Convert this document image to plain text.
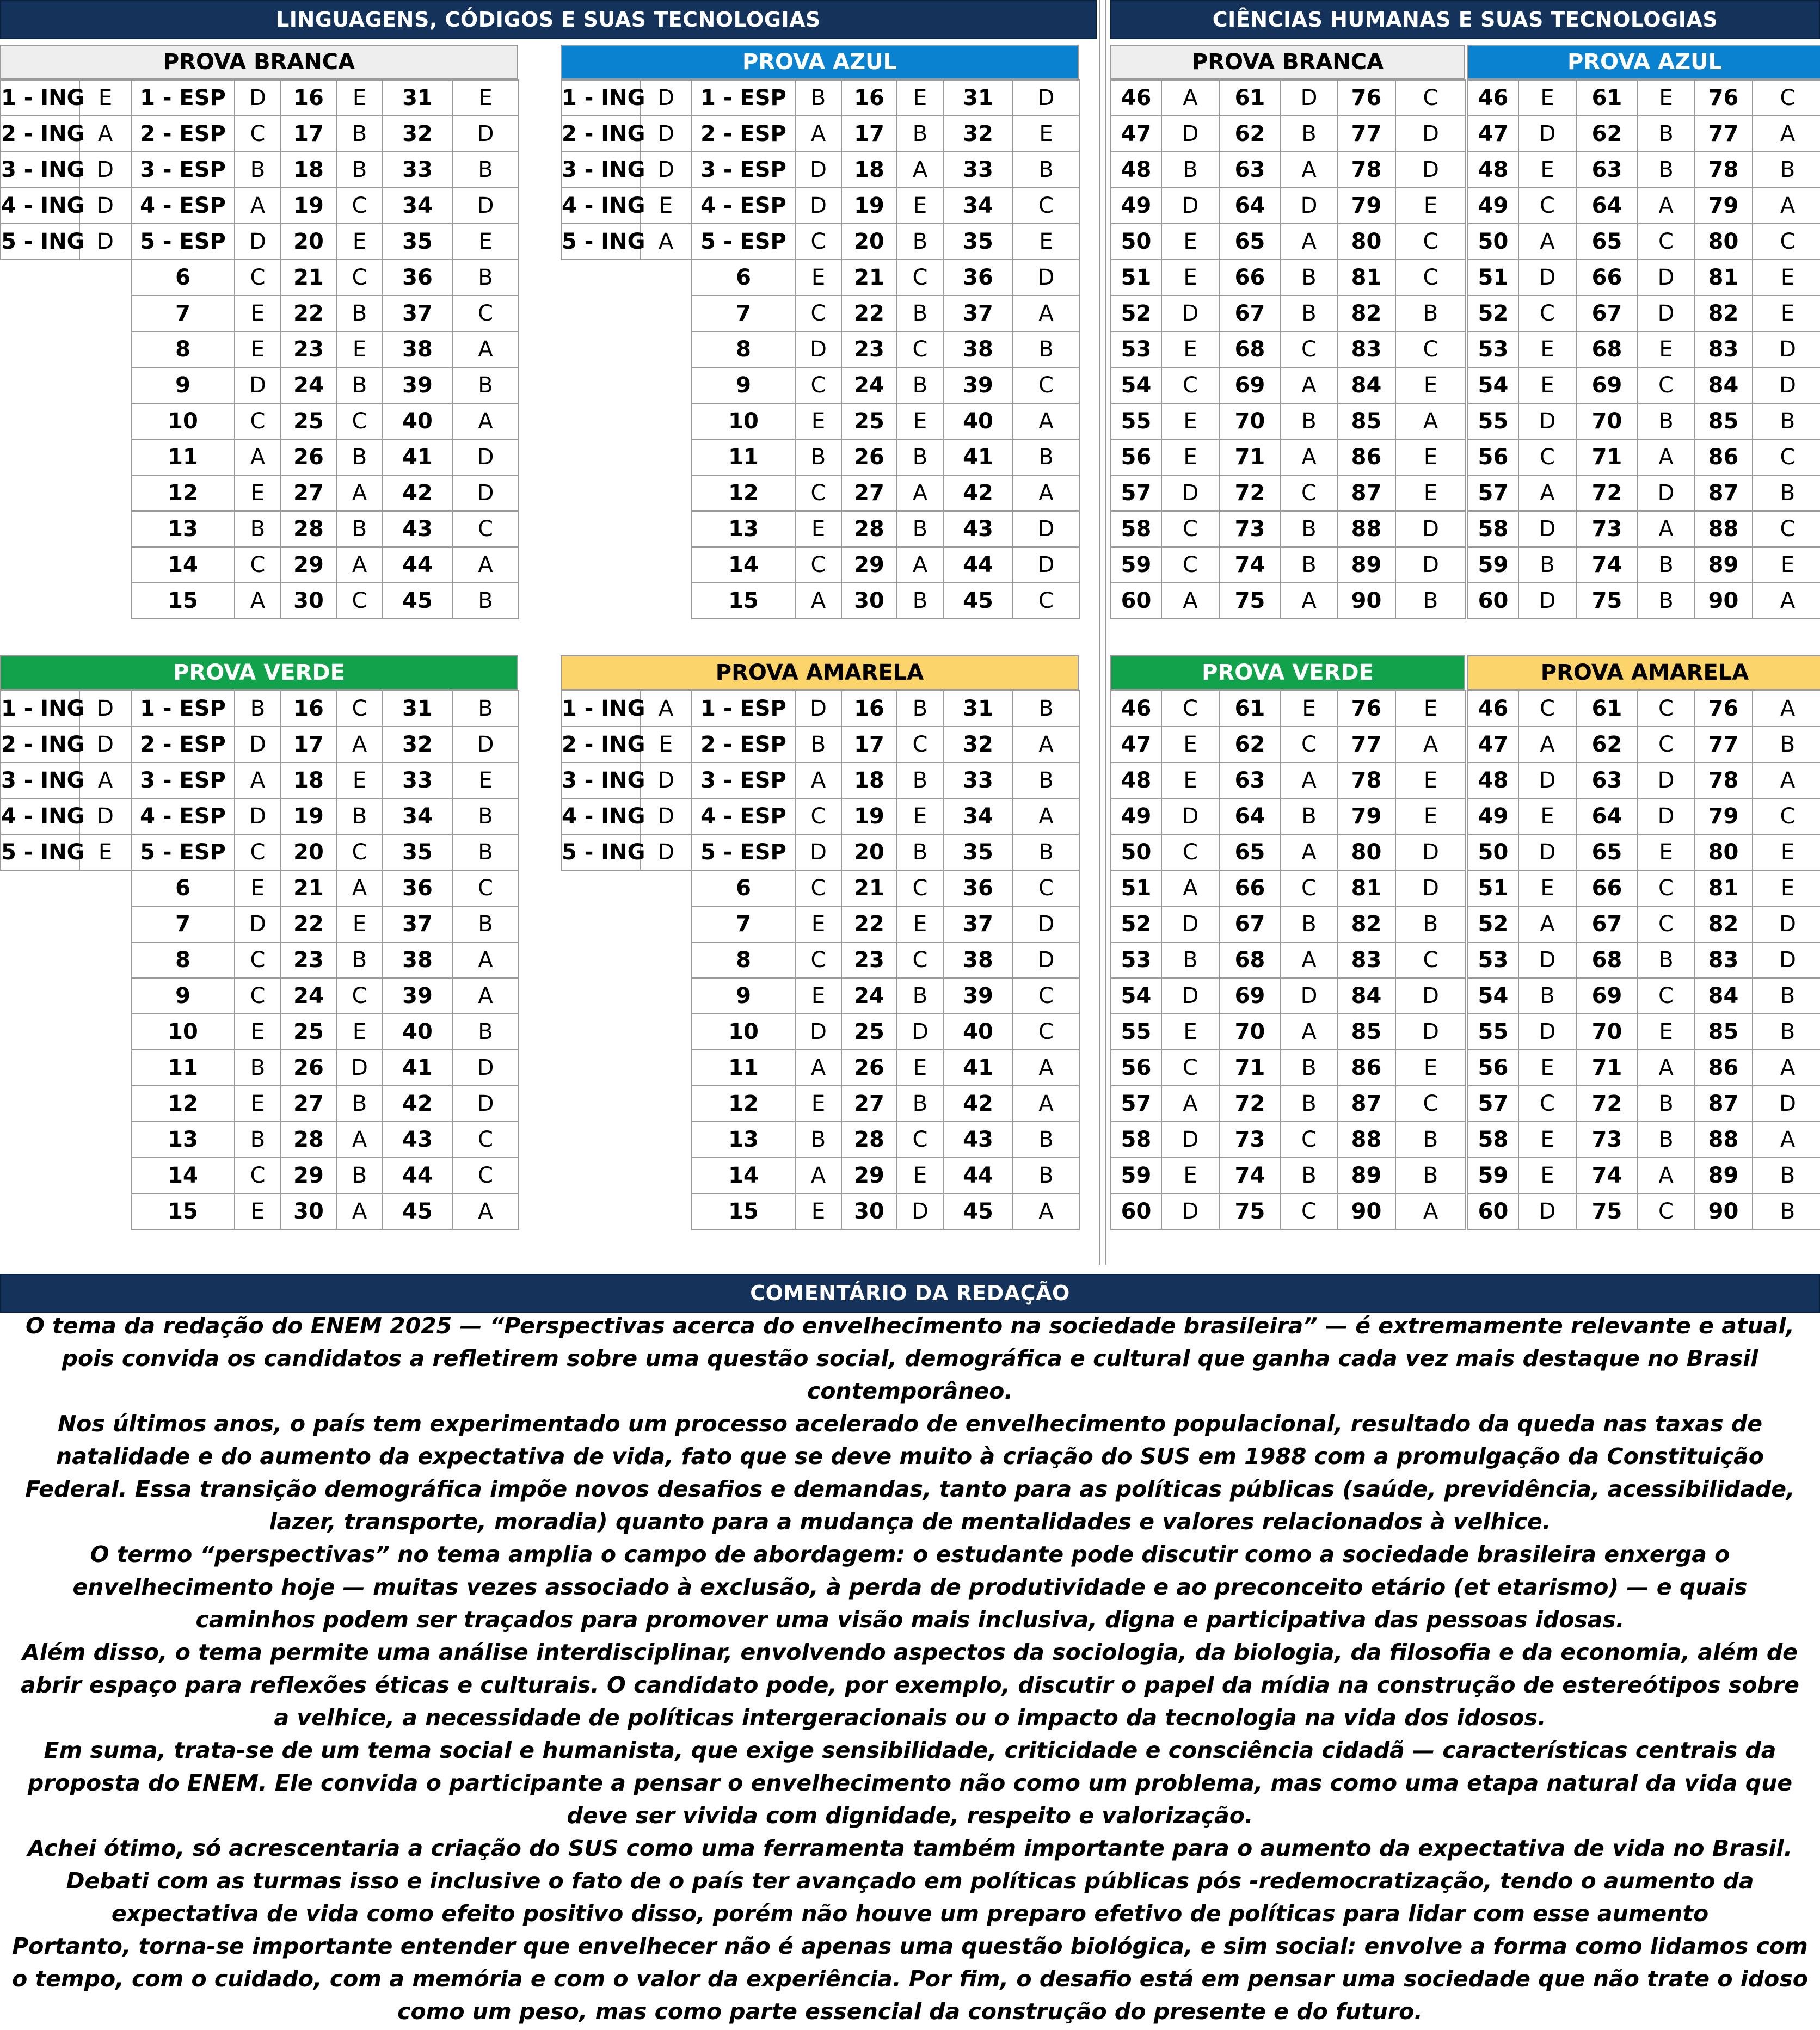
LINGUAGENS, CÓDIGOS E SUAS TECNOLOGIAS	CIÊNCIAS HUMANAS E SUAS TECNOLOGIAS
PROVA BRANCA
1 - ING	E	1 - ESP	D	16	E	31	E
2 - ING	A	2 - ESP	C	17	B	32	D
3 - ING	D	3 - ESP	B	18	B	33	B
4 - ING	D	4 - ESP	A	19	C	34	D
5 - ING	D	5 - ESP	D	20	E	35	E
		6	C	21	C	36	B
		7	E	22	B	37	C
		8	E	23	E	38	A
		9	D	24	B	39	B
		10	C	25	C	40	A
		11	A	26	B	41	D
		12	E	27	A	42	D
		13	B	28	B	43	C
		14	C	29	A	44	A
		15	A	30	C	45	B
PROVA AZUL
1 - ING	D	1 - ESP	B	16	E	31	D
2 - ING	D	2 - ESP	A	17	B	32	E
3 - ING	D	3 - ESP	D	18	A	33	B
4 - ING	E	4 - ESP	D	19	E	34	C
5 - ING	A	5 - ESP	C	20	B	35	E
		6	E	21	C	36	D
		7	C	22	B	37	A
		8	D	23	C	38	B
		9	C	24	B	39	C
		10	E	25	E	40	A
		11	B	26	B	41	B
		12	C	27	A	42	A
		13	E	28	B	43	D
		14	C	29	A	44	D
		15	A	30	B	45	C
PROVA VERDE
1 - ING	D	1 - ESP	B	16	C	31	B
2 - ING	D	2 - ESP	D	17	A	32	D
3 - ING	A	3 - ESP	A	18	E	33	E
4 - ING	D	4 - ESP	D	19	B	34	B
5 - ING	E	5 - ESP	C	20	C	35	B
		6	E	21	A	36	C
		7	D	22	E	37	B
		8	C	23	B	38	A
		9	C	24	C	39	A
		10	E	25	E	40	B
		11	B	26	D	41	D
		12	E	27	B	42	D
		13	B	28	A	43	C
		14	C	29	B	44	C
		15	E	30	A	45	A
PROVA AMARELA
1 - ING	A	1 - ESP	D	16	B	31	B
2 - ING	E	2 - ESP	B	17	C	32	A
3 - ING	D	3 - ESP	A	18	B	33	B
4 - ING	D	4 - ESP	C	19	E	34	A
5 - ING	D	5 - ESP	D	20	B	35	B
		6	C	21	C	36	C
		7	E	22	E	37	D
		8	C	23	C	38	D
		9	E	24	B	39	C
		10	D	25	D	40	C
		11	A	26	E	41	A
		12	E	27	B	42	A
		13	B	28	C	43	B
		14	A	29	E	44	B
		15	E	30	D	45	A
PROVA BRANCA
46	A	61	D	76	C
47	D	62	B	77	D
48	B	63	A	78	D
49	D	64	D	79	E
50	E	65	A	80	C
51	E	66	B	81	C
52	D	67	B	82	B
53	E	68	C	83	C
54	C	69	A	84	E
55	E	70	B	85	A
56	E	71	A	86	E
57	D	72	C	87	E
58	C	73	B	88	D
59	C	74	B	89	D
60	A	75	A	90	B
PROVA AZUL
46	E	61	E	76	C
47	D	62	B	77	A
48	E	63	B	78	B
49	C	64	A	79	A
50	A	65	C	80	C
51	D	66	D	81	E
52	C	67	D	82	E
53	E	68	E	83	D
54	E	69	C	84	D
55	D	70	B	85	B
56	C	71	A	86	C
57	A	72	D	87	B
58	D	73	A	88	C
59	B	74	B	89	E
60	D	75	B	90	A
PROVA VERDE
46	C	61	E	76	E
47	E	62	C	77	A
48	E	63	A	78	E
49	D	64	B	79	E
50	C	65	A	80	D
51	A	66	C	81	D
52	D	67	B	82	B
53	B	68	A	83	C
54	D	69	D	84	D
55	E	70	A	85	D
56	C	71	B	86	E
57	A	72	B	87	C
58	D	73	C	88	B
59	E	74	B	89	B
60	D	75	C	90	A
PROVA AMARELA
46	C	61	C	76	A
47	A	62	C	77	B
48	D	63	D	78	A
49	E	64	D	79	C
50	D	65	E	80	E
51	E	66	C	81	E
52	A	67	C	82	D
53	D	68	B	83	D
54	B	69	C	84	B
55	D	70	E	85	B
56	E	71	A	86	A
57	C	72	B	87	D
58	E	73	B	88	A
59	E	74	A	89	B
60	D	75	C	90	B
COMENTÁRIO DA REDAÇÃO

O tema da redação do ENEM 2025 — “Perspectivas acerca do envelhecimento na sociedade brasileira” — é extremamente relevante e atual, pois convida os candidatos a refletirem sobre uma questão social, demográfica e cultural que ganha cada vez mais destaque no Brasil contemporâneo.

Nos últimos anos, o país tem experimentado um processo acelerado de envelhecimento populacional, resultado da queda nas taxas de natalidade e do aumento da expectativa de vida, fato que se deve muito à criação do SUS em 1988 com a promulgação da Constituição Federal. Essa transição demográfica impõe novos desafios e demandas, tanto para as políticas públicas (saúde, previdência, acessibilidade, lazer, transporte, moradia) quanto para a mudança de mentalidades e valores relacionados à velhice.

O termo “perspectivas” no tema amplia o campo de abordagem: o estudante pode discutir como a sociedade brasileira enxerga o envelhecimento hoje — muitas vezes associado à exclusão, à perda de produtividade e ao preconceito etário (et etarismo) — e quais caminhos podem ser traçados para promover uma visão mais inclusiva, digna e participativa das pessoas idosas.

Além disso, o tema permite uma análise interdisciplinar, envolvendo aspectos da sociologia, da biologia, da filosofia e da economia, além de abrir espaço para reflexões éticas e culturais. O candidato pode, por exemplo, discutir o papel da mídia na construção de estereótipos sobre a velhice, a necessidade de políticas intergeracionais ou o impacto da tecnologia na vida dos idosos.

Em suma, trata-se de um tema social e humanista, que exige sensibilidade, criticidade e consciência cidadã — características centrais da proposta do ENEM. Ele convida o participante a pensar o envelhecimento não como um problema, mas como uma etapa natural da vida que deve ser vivida com dignidade, respeito e valorização.

Achei ótimo, só acrescentaria a criação do SUS como uma ferramenta também importante para o aumento da expectativa de vida no Brasil. Debati com as turmas isso e inclusive o fato de o país ter avançado em políticas públicas pós -redemocratização, tendo o aumento da expectativa de vida como efeito positivo disso, porém não houve um preparo efetivo de políticas para lidar com esse aumento

Portanto, torna-se importante entender que envelhecer não é apenas uma questão biológica, e sim social: envolve a forma como lidamos com o tempo, com o cuidado, com a memória e com o valor da experiência. Por fim, o desafio está em pensar uma sociedade que não trate o idoso como um peso, mas como parte essencial da construção do presente e do futuro.
